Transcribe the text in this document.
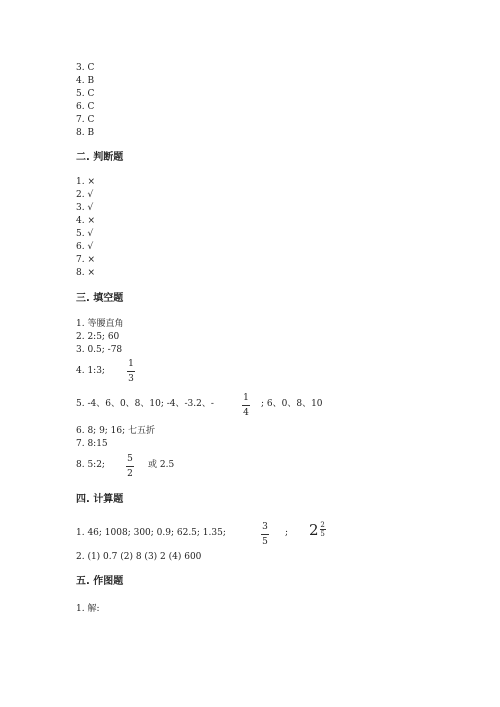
3. C
4. B
5. C
6. C
7. C
8. B
二. 判断题
1. ×
2. √
3. √
4. ×
5. √
6. √
7. ×
8. ×
三. 填空题
1. 等腰直角
2. 2:5; 60
3. 0.5; -78
4. 1:3;
1
3
5. -4、6、0、8、10; -4、-3.2、-
1
4
; 6、0、8、10
6. 8; 9; 16; 七五折
7. 8:15
8. 5:2;
5
2
或 2.5
四. 计算题
1. 46; 1008; 300; 0.9; 62.5; 1.35;
3
5
; $2 \frac{2}{5}$
2. (1) 0.7 (2) 8 (3) 2 (4) 600
五. 作图题
1. 解:
